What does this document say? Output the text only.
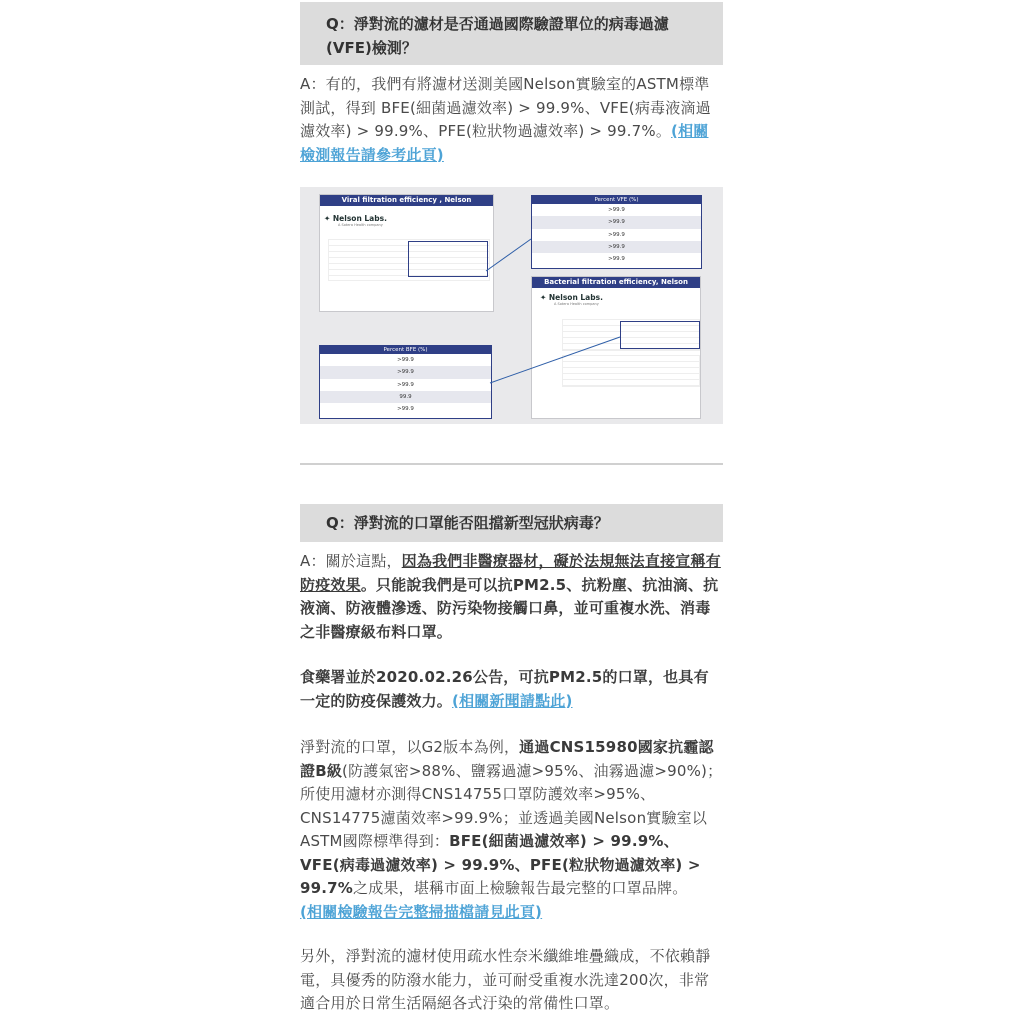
Q：淨對流的濾材是否通過國際驗證單位的病毒過濾(VFE)檢測？

A：有的，我們有將濾材送測美國Nelson實驗室的ASTM標準測試，得到 BFE(細菌過濾效率) > 99.9%、VFE(病毒液滴過濾效率) > 99.9%、PFE(粒狀物過濾效率) > 99.7%。(相關檢測報告請參考此頁)

Viral filtration efficiency , Nelson
✦ Nelson Labs.
A Sotera Health company
Percent VFE (%)
>99.9
>99.9
>99.9
>99.9
>99.9
Bacterial filtration efficiency, Nelson
✦ Nelson Labs.
A Sotera Health company
Percent BFE (%)
>99.9
>99.9
>99.9
99.9
>99.9
Q：淨對流的口罩能否阻擋新型冠狀病毒？

A：關於這點，因為我們非醫療器材，礙於法規無法直接宣稱有防疫效果。只能說我們是可以抗PM2.5、抗粉塵、抗油滴、抗液滴、防液體滲透、防污染物接觸口鼻，並可重複水洗、消毒之非醫療級布料口罩。

食藥署並於2020.02.26公告，可抗PM2.5的口罩，也具有一定的防疫保護效力。(相關新聞請點此)

淨對流的口罩，以G2版本為例，通過CNS15980國家抗霾認證B級(防護氣密>88%、鹽霧過濾>95%、油霧過濾>90%)；所使用濾材亦測得CNS14755口罩防護效率>95%、CNS14775濾菌效率>99.9%；並透過美國Nelson實驗室以ASTM國際標準得到：BFE(細菌過濾效率) > 99.9%、VFE(病毒過濾效率) > 99.9%、PFE(粒狀物過濾效率) > 99.7%之成果，堪稱市面上檢驗報告最完整的口罩品牌。
(相關檢驗報告完整掃描檔請見此頁)

另外，淨對流的濾材使用疏水性奈米纖維堆疊織成，不依賴靜電，具優秀的防潑水能力，並可耐受重複水洗達200次，非常適合用於日常生活隔絕各式汙染的常備性口罩。
